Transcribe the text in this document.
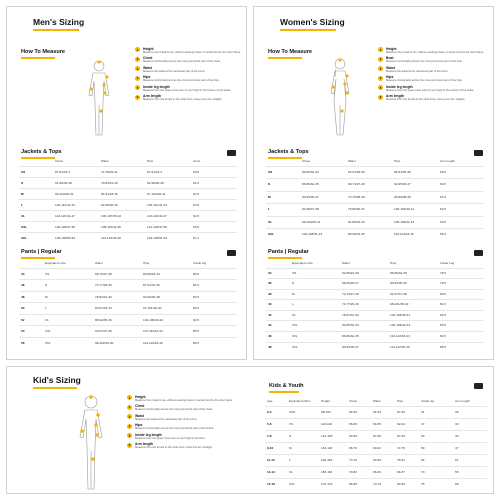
Men's Sizing
How To Measure	1	Height
Measure from head to toe, without wearing shoes. It works best by the door frame.
2	Chest
Measure horizontally across the most prominent part of the chest.
3	Waist
Measure the waist at the narrowest part of the torso.
4	Hips
Measure horizontally across the most prominent part of the hips.
5	Inside leg length
Measure from the upper inner part of your thigh to the bottom of the ankle.
6	Arm length
Measure from the armpit to the wrist bone. Keep your arm straight.
Jackets & Tops
	Chest	Waist	Hips	Arms
XS	87-91/34-3	74-78/29-31	87-91/34-3	60.5
S	91-96/36-38	79-84/31-33	92-96/36-38	61.5
M	96-104/38-41	84-91/33-36	97-104/38-41	62.5
L	104-112/41-44	92-99/36-39	105-112/41-44	63.5
XL	112-120/44-47	100-107/39-42	113-120/44-47	64.5
XXL	120-128/47-50	108-115/42-45	121-128/47-50	65.5
3XL	128-136/50-54	116-123/46-48	129-136/51-54	67.1
Pants | Regular
	Equivalent size	Waist	Hips	Inside leg
44	XS	68-72/27-28	82-86/32-34	80.5
46	S	73-77/29-30	87-91/34-36	81.5
48	M	78-82/31-32	92-96/36-38	82.5
50	L	83-87/33-34	97-101/38-40	83.5
52	XL	88-92/35-36	102-106/40-42	84.5
54	XXL	93-97/37-38	107-111/42-44	85.5
56	3XL	98-102/39-40	112-116/44-46	86.5
Women's Sizing
How To Measure	1	Height
Measure from head to toe, without wearing shoes. It works best by the door frame.
2	Bust
Measure horizontally across the most prominent part of the bust.
3	Waist
Measure the waist at the narrowest part of the torso.
4	Hips
Measure horizontally across the most prominent part of the hips.
5	Inside leg length
Measure from the upper inner part of your thigh to the bottom of the ankle.
6	Arm length
Measure from the armpit to the wrist bone. Keep your arm straight.
Jackets & Tops
	Chest	Waist	Hips	Arm length
XS	82-85/32-33	64-67/25-26	88-91/35-36	59.5
S	86-89/34-35	68-71/27-28	92-95/36-37	60.5
M	90-93/35-37	72-75/28-30	96-99/38-39	61.5
L	94-98/37-38	76-80/30-31	100-104/39-41	62.5
XL	99-103/39-41	81-85/32-33	105-109/41-43	63.5
XXL	104-108/41-43	86-90/34-35	110-114/43-45	64.5
Pants | Regular
	Equivalent size	Waist	Hips	Inside Leg
34	XS	62-65/24-25	86-89/34-35	78.5
36	S	66-69/26-27	90-93/35-36	79.5
38	M	70-73/27-28	94-97/37-38	80.5
40	L	74-77/29-30	98-101/38-40	81.5
42	XL	78-81/31-32	102-105/40-41	82.5
44	XXL	82-85/32-33	106-109/42-43	83.5
46	3XL	86-89/34-35	110-113/43-44	84.5
48	4XL	90-93/35-37	114-117/45-46	85.5
Kid's Sizing
1	Height
Measure from head to toe, without wearing shoes. It works best by the door frame.
2	Chest
Measure horizontally across the most prominent part of the chest.
3	Waist
Measure the waist at the narrowest part of the torso.
4	Hips
Measure horizontally across the most prominent part of the bottom.
5	Inside leg length
Measure from the upper inner part of your thigh to the floor.
6	Arm length
Measure from the armpit to the wrist bone. Keep the arm straight.
Kids & Youth
Age	Equivalent Size	Height	Chest	Waist	Hips	Inside leg	Arm length
3-4	XXS	98-104	54-56	51-53	57-59	41	35
5-6	XS	110-116	58-60	54-55	62-64	47	39
7-8	S	122-128	63-65	57-58	67-69	53	43
9-10	M	134-140	68-70	60-62	72-75	59	47
11-12	L	146-152	73-76	63-65	78-81	64	51
13-14	XL	158-164	79-82	66-69	84-87	70	55
15-16	XXL	170-176	85-88	70-73	90-93	75	58
